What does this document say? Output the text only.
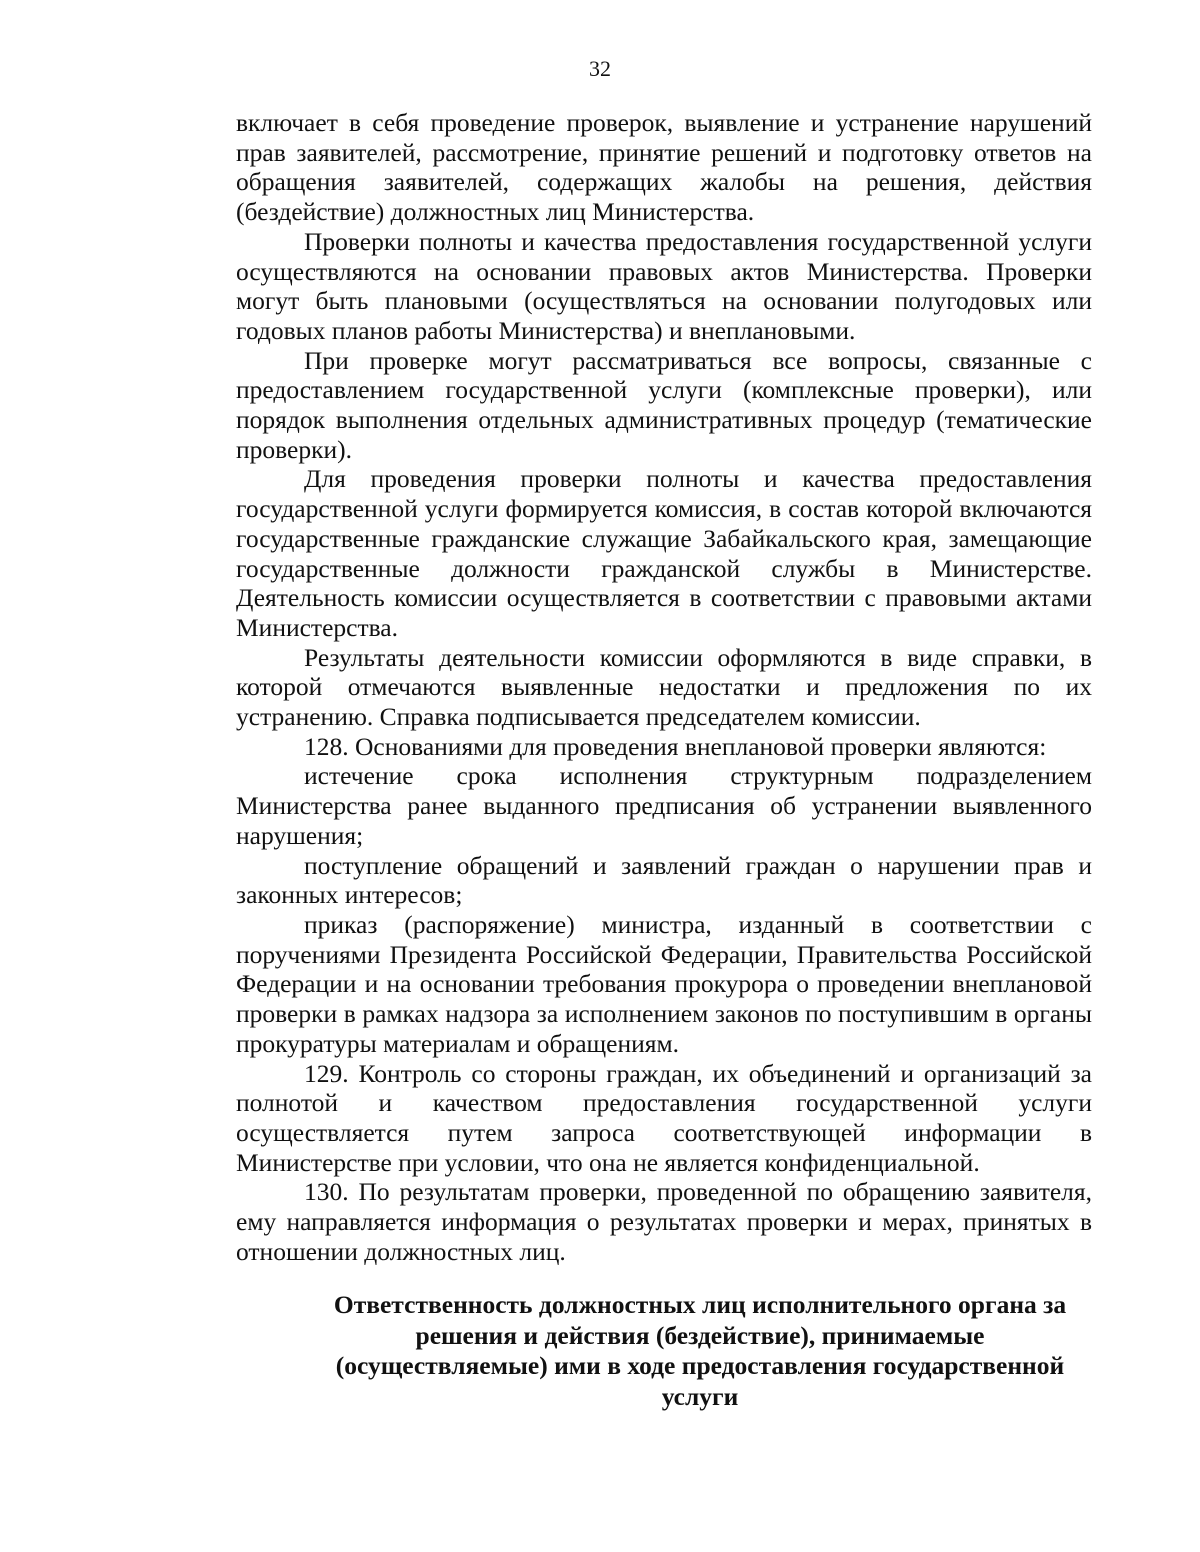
32

включает в себя проведение проверок, выявление и устранение нарушений прав заявителей, рассмотрение, принятие решений и подготовку ответов на обращения заявителей, содержащих жалобы на решения, действия (бездействие) должностных лиц Министерства.

Проверки полноты и качества предоставления государственной услуги осуществляются на основании правовых актов Министерства. Проверки могут быть плановыми (осуществляться на основании полугодовых или годовых планов работы Министерства) и внеплановыми.

При проверке могут рассматриваться все вопросы, связанные с предоставлением государственной услуги (комплексные проверки), или порядок выполнения отдельных административных процедур (тематические проверки).

Для проведения проверки полноты и качества предоставления государственной услуги формируется комиссия, в состав которой включаются государственные гражданские служащие Забайкальского края, замещающие государственные должности гражданской службы в Министерстве. Деятельность комиссии осуществляется в соответствии с правовыми актами Министерства.

Результаты деятельности комиссии оформляются в виде справки, в которой отмечаются выявленные недостатки и предложения по их устранению. Справка подписывается председателем комиссии.

128. Основаниями для проведения внеплановой проверки являются:

истечение срока исполнения структурным подразделением Министерства ранее выданного предписания об устранении выявленного нарушения;

поступление обращений и заявлений граждан о нарушении прав и законных интересов;

приказ (распоряжение) министра, изданный в соответствии с поручениями Президента Российской Федерации, Правительства Российской Федерации и на основании требования прокурора о проведении внеплановой проверки в рамках надзора за исполнением законов по поступившим в органы прокуратуры материалам и обращениям.

129. Контроль со стороны граждан, их объединений и организаций за полнотой и качеством предоставления государственной услуги осуществляется путем запроса соответствующей информации в Министерстве при условии, что она не является конфиденциальной.

130. По результатам проверки, проведенной по обращению заявителя, ему направляется информация о результатах проверки и мерах, принятых в отношении должностных лиц.

Ответственность должностных лиц исполнительного органа за
решения и действия (бездействие), принимаемые
(осуществляемые) ими в ходе предоставления государственной
услуги
